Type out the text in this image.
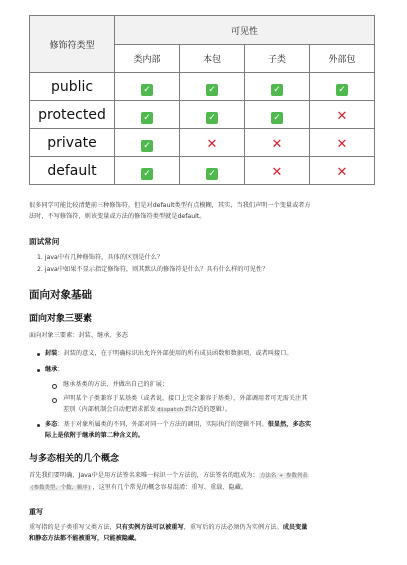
修饰符类型	可见性			
	类内部	本包	子类	外部包
public	✓	✓	✓	✓
protected	✓	✓	✓	✕
private	✓	✕	✕	✕
default	✓	✓	✕	✕
很多同学可能比较清楚前三种修饰符，但是对default类型有点模糊，其实，当我们声明一个变量或者方
法时，不写修饰符，则该变量或方法的修饰符类型就是default。
面试常问
1. java中有几种修饰符，具体的区别是什么？
2. java中如果不显示指定修饰符，则其默认的修饰符是什么？具有什么样的可见性？
面向对象基础
面向对象三要素
面向对象三要素：封装、继承、多态
封装：封装的意义，在于明确标识出允许外部使用的所有成员函数和数据项，或者叫接口。
继承：
继承基类的方法，并做出自己的扩展；
声明某个子类兼容于某基类（或者说，接口上完全兼容于基类），外部调用者可无需关注其
差别（内部机制会自动把请求派发 dispatch 到合适的逻辑）。
多态：基于对象所属类的不同，外部对同一个方法的调用，实际执行的逻辑不同。很显然，多态实
际上是依附于继承的第二种含义的。
与多态相关的几个概念
首先我们要明确，Java中是用方法签名来唯一标识一个方法的，方法签名的组成为： 方法名 + 参数列表
(参数类型、个数、顺序) ，这里有几个常见的概念容易混淆：重写、重载、隐藏。
重写
重写指的是子类重写父类方法，只有实例方法可以被重写，重写后的方法必须仍为实例方法。成员变量
和静态方法都不能被重写，只能被隐藏。
